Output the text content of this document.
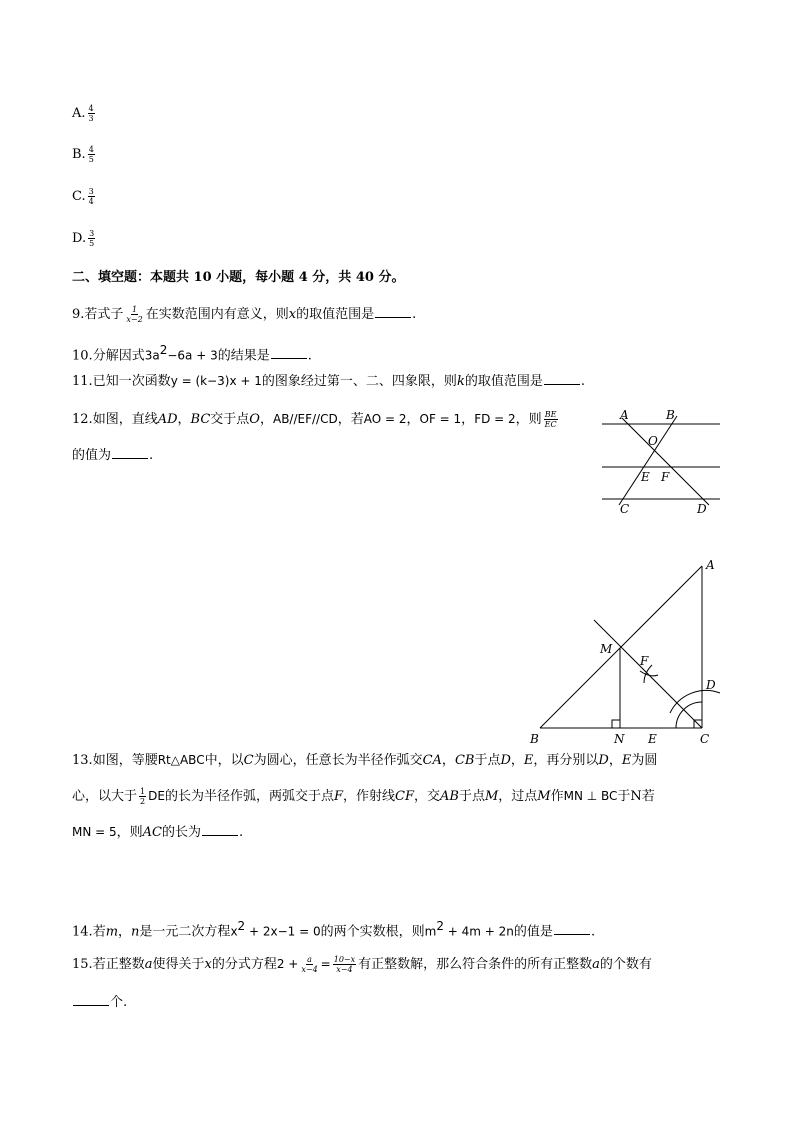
A. $\frac{4}{3}$
B. $\frac{4}{5}$
C. $\frac{3}{4}$
D. $\frac{3}{5}$
二、填空题：本题共 10 小题，每小题 4 分，共 40 分。
9.若式子 $\frac{1}{x-2}$ 在实数范围内有意义，则x的取值范围是	.
10.分解因式$3a^2-6a + 3$的结果是	.
11.已知一次函数y = (k−3)x + 1的图象经过第一、二、四象限，则k的取值范围是	.
12.如图，直线AD，BC交于点O，AB//EF//CD，若AO = 2，OF = 1，FD = 2，则 $\frac{BE}{EC}$
的值为	.
A	B
O
E F
C	D
A
M
F
D
B	N E	C
13.如图，等腰Rt△ABC中，以C为圆心，任意长为半径作弧交CA，CB于点D，E，再分别以D，E为圆
心，以大于 $\frac{1}{2}$ DE的长为半径作弧，两弧交于点F，作射线CF，交AB于点M，过点M作MN ⊥ BC于N若
MN = 5，则AC的长为	.
14.若m，n是一元二次方程$x^2 + 2x-1 = 0$的两个实数根，则$m^2 + 4m + 2n$的值是	.
15.若正整数a使得关于x的分式方程$2 + \frac{a}{x-4} = \frac{10-x}{x-4}$ 有正整数解，那么符合条件的所有正整数a的个数有
个.
